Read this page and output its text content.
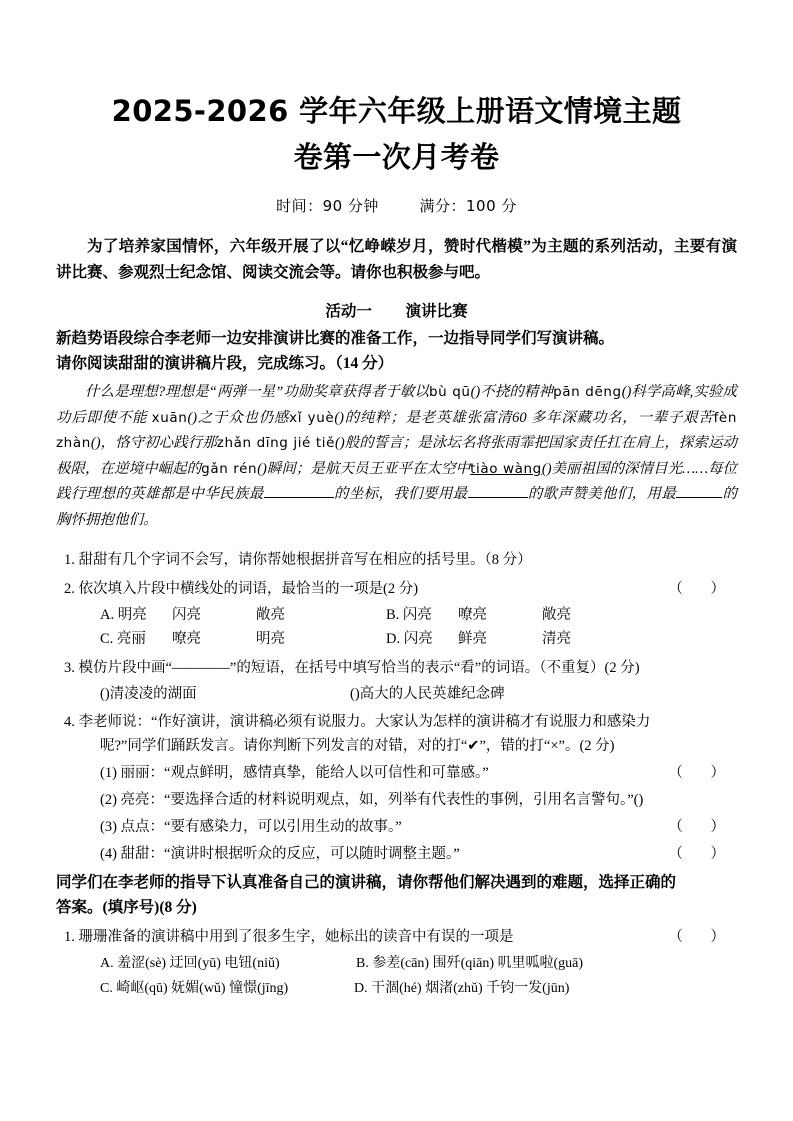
2025-2026 学年六年级上册语文情境主题
卷第一次月考卷
时间：90 分钟	满分：100 分

为了培养家国情怀，六年级开展了以“忆峥嵘岁月，赞时代楷模”为主题的系列活动，主要有演讲比赛、参观烈士纪念馆、阅读交流会等。请你也积极参与吧。

活动一 演讲比赛
新趋势语段综合李老师一边安排演讲比赛的准备工作，一边指导同学们写演讲稿。
请你阅读甜甜的演讲稿片段，完成练习。（14 分）

什么是理想?理想是“两弹一星”功勋奖章获得者于敏以bù qū()不挠的精神pān dēng()科学高峰,实验成功后即使不能 xuān()之于众也仍感xǐ yuè()的纯粹；是老英雄张富清60 多年深藏功名，一辈子艰苦fèn zhàn()，恪守初心践行那zhǎn dīng jié tiě()般的誓言；是泳坛名将张雨霏把国家责任扛在肩上，探索运动极限，在逆境中崛起的gǎn rén()瞬间；是航天员王亚平在太空中tiào wàng()美丽祖国的深情目光……每位践行理想的英雄都是中华民族最	的坐标，我们要用最	的歌声赞美他们，用最	的胸怀拥抱他们。

1. 甜甜有几个字词不会写，请你帮她根据拼音写在相应的括号里。（8 分）
2. 依次填入片段中横线处的词语，最恰当的一项是(2 分)	（ ）
A. 明亮 闪亮	敞亮	B. 闪亮 嘹亮	敞亮
C. 亮丽 嘹亮	明亮	D. 闪亮 鲜亮	清亮
3. 模仿片段中画“————”的短语，在括号中填写恰当的表示“看”的词语。（不重复）(2 分)
()清凌凌的湖面	()高大的人民英雄纪念碑
4. 李老师说：“作好演讲，演讲稿必须有说服力。大家认为怎样的演讲稿才有说服力和感染力
呢?”同学们踊跃发言。请你判断下列发言的对错，对的打“✔”，错的打“×”。(2 分)
(1) 丽丽：“观点鲜明，感情真挚，能给人以可信性和可靠感。”	（ ）
(2) 亮亮：“要选择合适的材料说明观点，如，列举有代表性的事例，引用名言警句。”()
(3) 点点：“要有感染力，可以引用生动的故事。”	（ ）
(4) 甜甜：“演讲时根据听众的反应，可以随时调整主题。”	（ ）
同学们在李老师的指导下认真准备自己的演讲稿，请你帮他们解决遇到的难题，选择正确的
答案。(填序号)(8 分)
1. 珊珊准备的演讲稿中用到了很多生字，她标出的读音中有误的一项是	（ ）
A. 羞涩(sè) 迂回(yū) 电钮(niǔ)	B. 参差(cān) 围歼(qiān) 叽里呱啦(guā)
C. 崎岖(qū) 妩媚(wǔ) 憧憬(jīng)	D. 干涸(hé) 烟渚(zhǔ) 千钧一发(jūn)
